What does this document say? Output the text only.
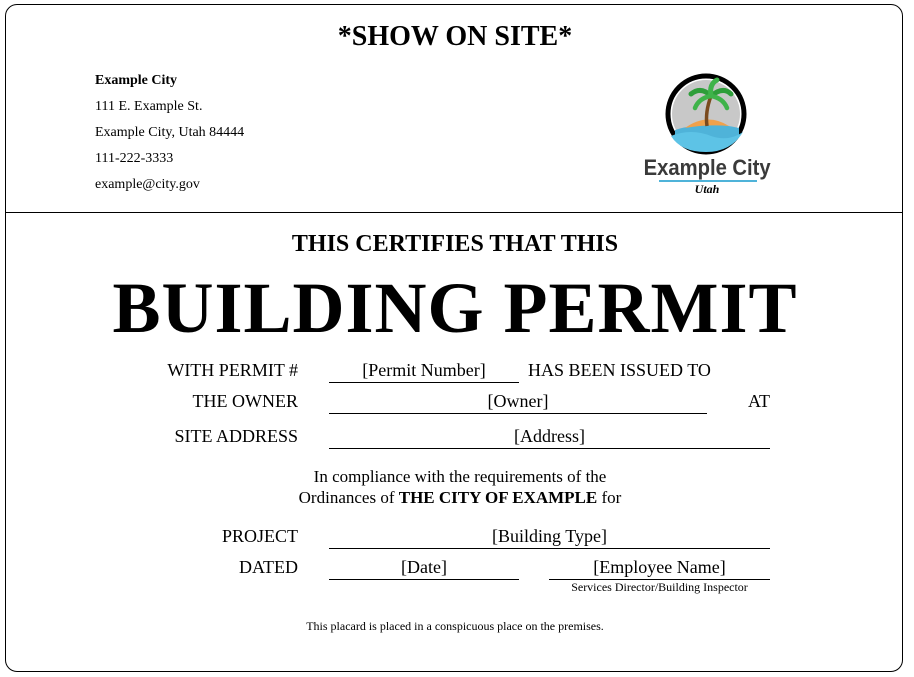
*SHOW ON SITE*
Example City
111 E. Example St.
Example City, Utah 84444
111-222-3333
example@city.gov
Example City
Utah
THIS CERTIFIES THAT THIS
BUILDING PERMIT
WITH PERMIT #	[Permit Number]	HAS BEEN ISSUED TO
THE OWNER	[Owner]	AT
SITE ADDRESS	[Address]
In compliance with the requirements of the
Ordinances of THE CITY OF EXAMPLE for
PROJECT	[Building Type]
DATED	[Date]	[Employee Name]
Services Director/Building Inspector
This placard is placed in a conspicuous place on the premises.
